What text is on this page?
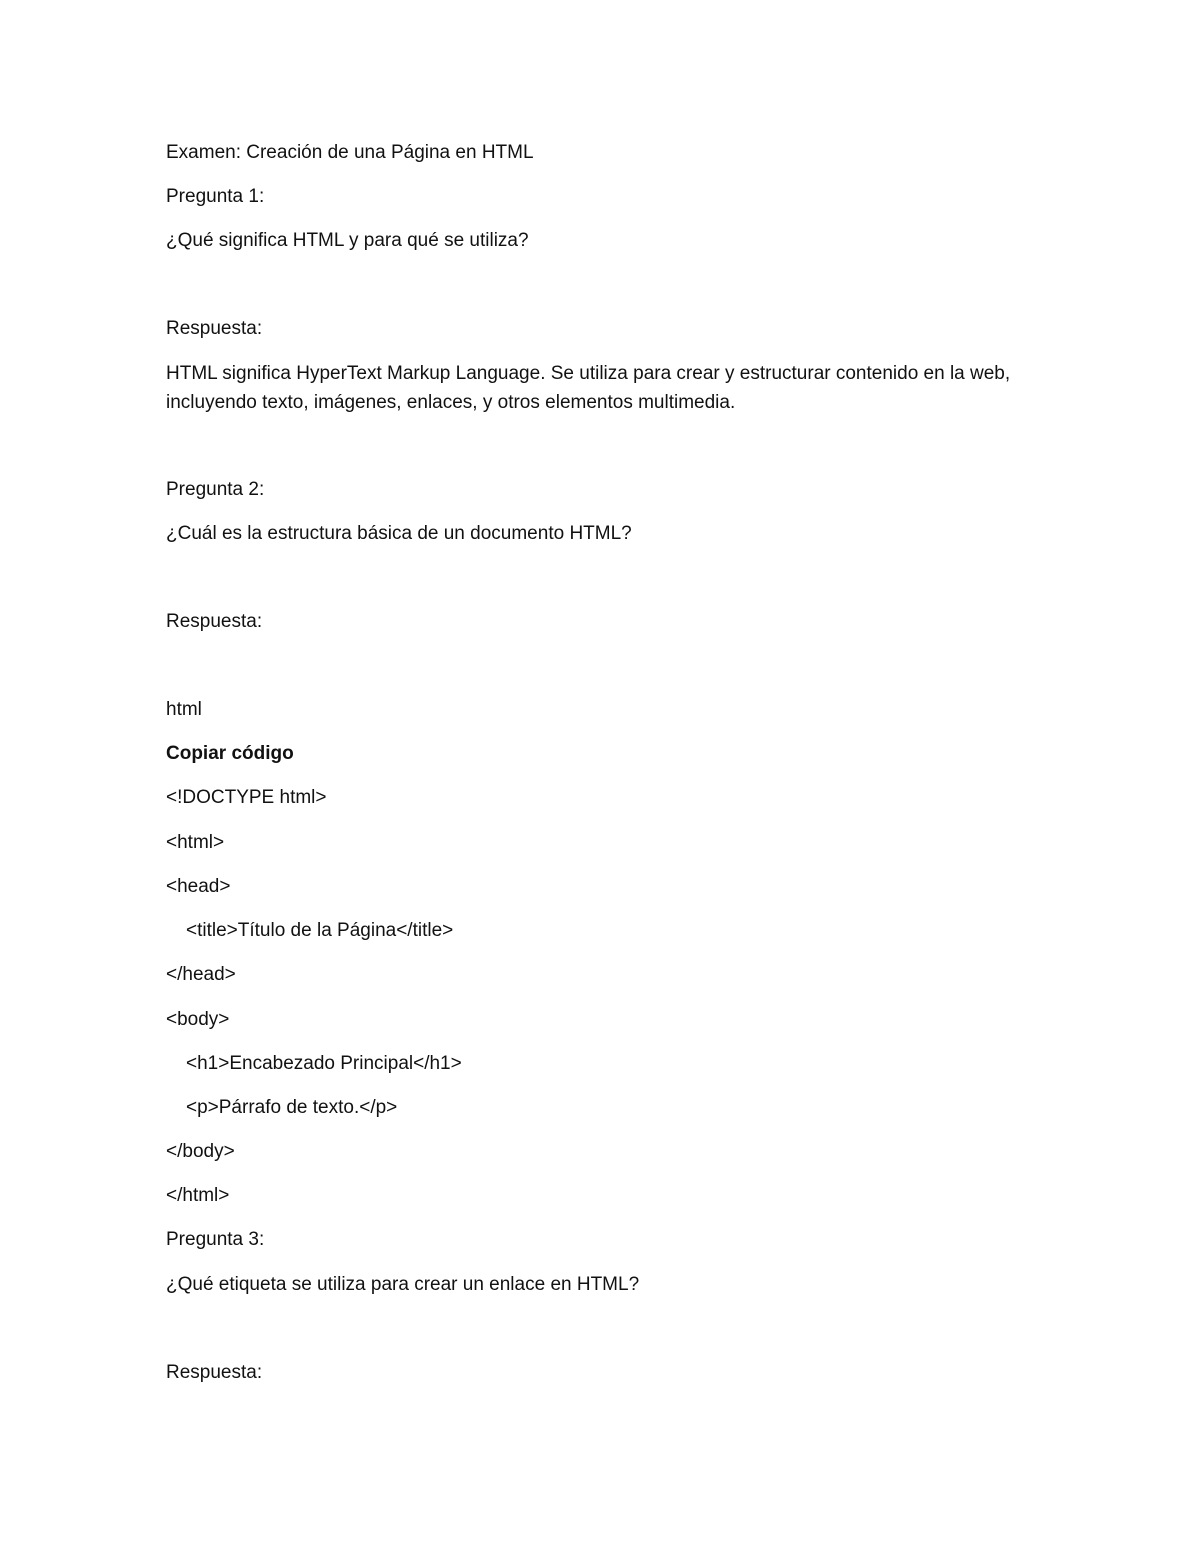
Examen: Creación de una Página en HTML

Pregunta 1:

¿Qué significa HTML y para qué se utiliza?

Respuesta:

HTML significa HyperText Markup Language. Se utiliza para crear y estructurar contenido en la web, incluyendo texto, imágenes, enlaces, y otros elementos multimedia.

Pregunta 2:

¿Cuál es la estructura básica de un documento HTML?

Respuesta:

html

Copiar código

<!DOCTYPE html>

<html>

<head>

<title>Título de la Página</title>

</head>

<body>

<h1>Encabezado Principal</h1>

<p>Párrafo de texto.</p>

</body>

</html>

Pregunta 3:

¿Qué etiqueta se utiliza para crear un enlace en HTML?

Respuesta:
